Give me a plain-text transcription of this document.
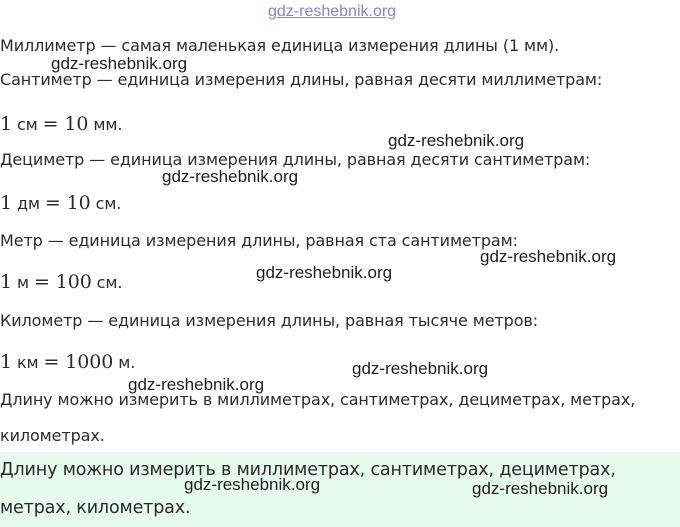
gdz-reshebnik.org
Миллиметр — самая маленькая единица измерения длины (1 мм).
Сантиметр — единица измерения длины, равная десяти миллиметрам:
1 см = 10 мм.
Дециметр — единица измерения длины, равная десяти сантиметрам:
1 дм = 10 см.
Метр — единица измерения длины, равная ста сантиметрам:
1 м = 100 см.
Километр — единица измерения длины, равная тысяче метров:
1 км = 1000 м.
Длину можно измерить в миллиметрах, сантиметрах, дециметрах, метрах,
километрах.
Длину можно измерить в миллиметрах, сантиметрах, дециметрах,
метрах, километрах.
gdz-reshebnik.org
gdz-reshebnik.org
gdz-reshebnik.org
gdz-reshebnik.org
gdz-reshebnik.org
gdz-reshebnik.org
gdz-reshebnik.org
gdz-reshebnik.org	gdz-reshebnik.org
